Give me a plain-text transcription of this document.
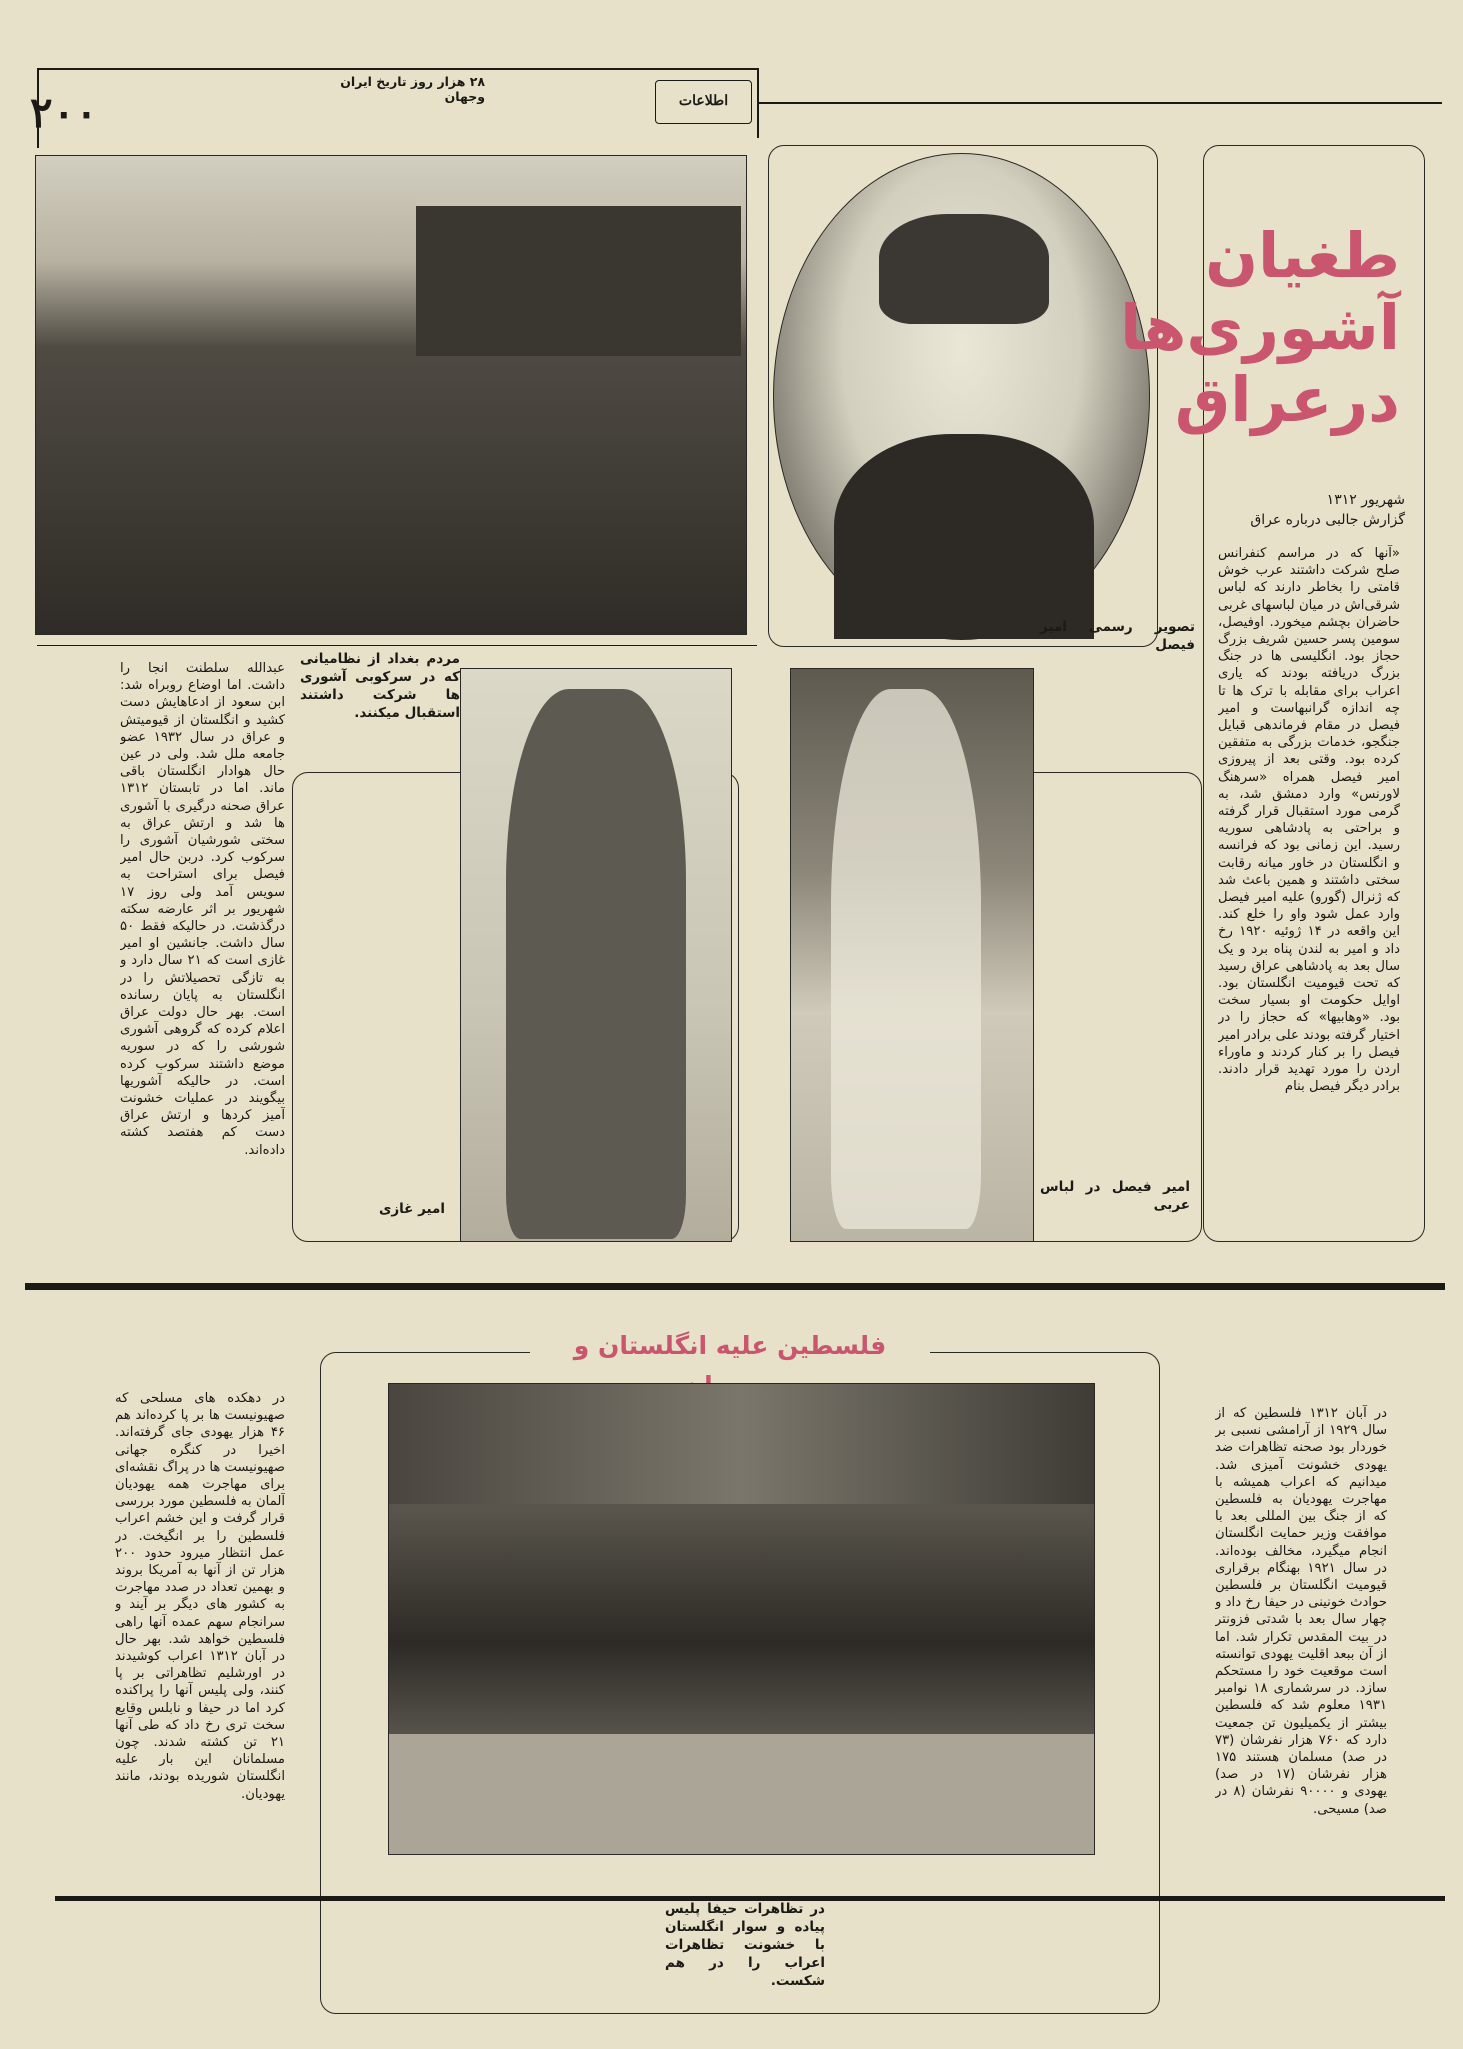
۲۰۰
۲۸ هزار روز تاریخ ایران وجهان	اطلاعات
تصویر رسمی امیر فیصل
طغیان
آشوری‌ها
درعراق
شهریور ۱۳۱۲
گزارش جالبی درباره عراق
«آنها که در مراسم کنفرانس صلح شرکت داشتند عرب خوش قامتی را بخاطر دارند که لباس شرقی‌اش در میان لباسهای غربی حاضران بچشم میخورد. اوفیصل، سومین پسر حسین شریف بزرگ حجاز بود. انگلیسی ها در جنگ بزرگ دریافته بودند که یاری اعراب برای مقابله با ترک ها تا چه اندازه گرانبهاست و امیر فیصل در مقام فرماندهی قبایل جنگجو، خدمات بزرگی به متفقین کرده بود. وقتی بعد از پیروزی امیر فیصل همراه «سرهنگ لاورنس» وارد دمشق شد، به گرمی مورد استقبال قرار گرفته و براحتی به پادشاهی سوریه رسید. این زمانی بود که فرانسه و انگلستان در خاور میانه رقابت سختی داشتند و همین باعث شد که ژنرال (گورو) علیه امیر فیصل وارد عمل شود واو را خلع کند. این واقعه در ۱۴ ژوئیه ۱۹۲۰ رخ داد و امیر به لندن پناه برد و یک سال بعد به پادشاهی عراق رسید که تحت قیومیت انگلستان بود. اوایل حکومت او بسیار سخت بود. «وهابیها» که حجاز را در اختیار گرفته بودند علی برادر امیر فیصل را بر کنار کردند و ماوراء اردن را مورد تهدید قرار دادند. برادر دیگر فیصل بنام
امیر فیصل در لباس عربی
امیر غازی
مردم بغداد از نظامیانی که در سرکوبی آشوری ها شرکت داشتند استقبال میکنند.
عبدالله سلطنت انجا را داشت. اما اوضاع روبراه شد: ابن سعود از ادعاهایش دست کشید و انگلستان از قیومیتش و عراق در سال ۱۹۳۲ عضو جامعه ملل شد. ولی در عین حال هوادار انگلستان باقی ماند. اما در تابستان ۱۳۱۲ عراق صحنه درگیری با آشوری ها شد و ارتش عراق به سختی شورشیان آشوری را سرکوب کرد. دربن حال امیر فیصل برای استراحت به سویس آمد ولی روز ۱۷ شهریور بر اثر عارضه سکته درگذشت. در حالیکه فقط ۵۰ سال داشت. جانشین او امیر غازی است که ۲۱ سال دارد و به تازگی تحصیلاتش را در انگلستان به پایان رسانده است. بهر حال دولت عراق اعلام کرده که گروهی آشوری شورشی را که در سوریه موضع داشتند سرکوب کرده است. در حالیکه آشوریها بیگویند در عملیات خشونت آمیز کردها و ارتش عراق دست کم هفتصد کشته داده‌اند.
فلسطین علیه انگلستان و
در تظاهرات حیفا پلیس پیاده و سوار انگلستان با خشونت تظاهرات اعراب را در هم شکست.
در آبان ۱۳۱۲ فلسطین که از سال ۱۹۲۹ از آرامشی نسبی بر خوردار بود صحنه تظاهرات ضد یهودی خشونت آمیزی شد. میدانیم که اعراب همیشه با مهاجرت یهودیان به فلسطین که از جنگ بین المللی بعد با موافقت وزیر حمایت انگلستان انجام میگیرد، مخالف بوده‌اند. در سال ۱۹۲۱ بهنگام برقراری قیومیت انگلستان بر فلسطین حوادث خونینی در حیفا رخ داد و چهار سال بعد با شدتی فزونتر در بیت المقدس تکرار شد. اما از آن ببعد اقلیت یهودی توانسته است موقعیت خود را مستحکم سازد. در سرشماری ۱۸ نوامبر ۱۹۳۱ معلوم شد که فلسطین بیشتر از یکمیلیون تن جمعیت دارد که ۷۶۰ هزار نفرشان (۷۳ در صد) مسلمان هستند ۱۷۵ هزار نفرشان (۱۷ در صد) یهودی و ۹۰۰۰۰ نفرشان (۸ در صد) مسیحی.
در دهکده های مسلحی که صهیونیست ها بر پا کرده‌اند هم ۴۶ هزار یهودی جای گرفته‌اند. اخیرا در کنگره جهانی صهیونیست ها در پراگ نقشه‌ای برای مهاجرت همه یهودیان آلمان به فلسطین مورد بررسی قرار گرفت و این خشم اعراب فلسطین را بر انگیخت. در عمل انتظار میرود حدود ۲۰۰ هزار تن از آنها به آمریکا بروند و بهمین تعداد در صدد مهاجرت به کشور های دیگر بر آیند و سرانجام سهم عمده آنها راهی فلسطین خواهد شد. بهر حال در آبان ۱۳۱۲ اعراب کوشیدند در اورشلیم تظاهراتی بر پا کنند، ولی پلیس آنها را پراکنده کرد اما در حیفا و نابلس وقایع سخت تری رخ داد که طی آنها ۲۱ تن کشته شدند. چون مسلمانان این بار علیه انگلستان شوریده بودند، مانند یهودیان.
